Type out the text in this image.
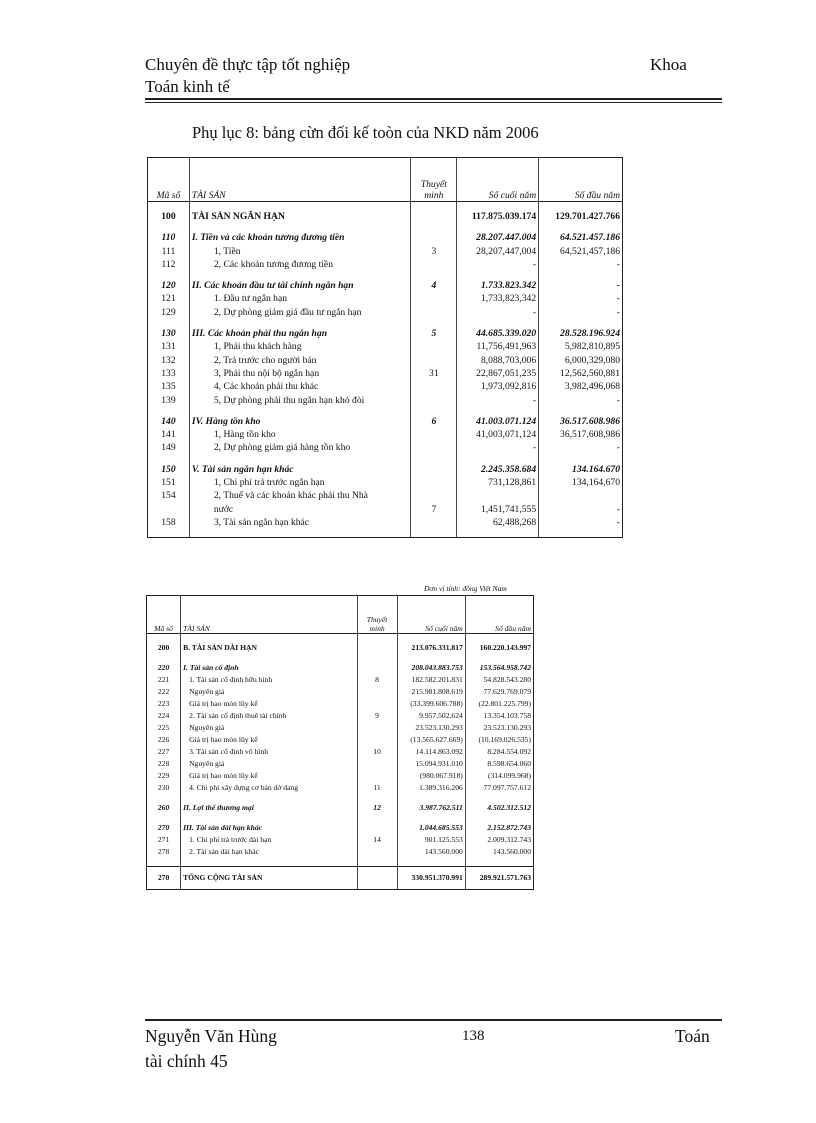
Chuyên đề thực tập tốt nghiệp	Khoa
Toán kinh tế
Phụ lục 8: bảng cừn đối kế toòn của NKD năm 2006
Mã số	TÀI SẢN	Thuyết minh	Số cuối năm	Số đầu năm

100	TÀI SẢN NGẮN HẠN		117.875.039.174	129.701.427.766

110	I. Tiền và các khoản tương đương tiền		28.207.447.004	64.521.457.186
111	1, Tiền	3	28,207,447,004	64,521,457,186
112	2, Các khoản tương đương tiền		-	-

120	II. Các khoản đầu tư tài chính ngắn hạn	4	1.733.823.342	-
121	1. Đầu tư ngắn hạn		1,733,823,342	-
129	2, Dự phòng giảm giá đầu tư ngắn hạn		-	-

130	III. Các khoản phải thu ngắn hạn	5	44.685.339.020	28.528.196.924
131	1, Phải thu khách hàng		11,756,491,963	5,982,810,895
132	2, Trả trước cho người bán		8,088,703,006	6,000,329,080
133	3, Phải thu nội bộ ngắn hạn	31	22,867,051,235	12,562,560,881
135	4, Các khoản phải thu khác		1,973,092,816	3,982,496,068
139	5, Dự phòng phải thu ngắn hạn khó đòi		-	-

140	IV. Hàng tồn kho	6	41.003.071.124	36.517.608.986
141	1, Hàng tồn kho		41,003,071,124	36,517,608,986
149	2, Dự phòng giảm giá hàng tồn kho		-	-

150	V. Tài sản ngắn hạn khác		2.245.358.684	134.164.670
151	1, Chi phí trả trước ngắn hạn		731,128,861	134,164,670
154	2, Thuế và các khoản khác phải thu Nhà			
	nước	7	1,451,741,555	-
158	3, Tài sản ngắn hạn khác		62,488,268	-

Đơn vị tính: đồng Việt Nam
Mã số	TÀI SẢN	Thuyết minh	Số cuối năm	Số đầu năm

200	B. TÀI SẢN DÀI HẠN		213.076.331.817	160.220.143.997

220	I. Tài sản cố định		208.043.883.753	153.564.958.742
221	1. Tài sản cố định hữu hình	8	182.582.201.831	54.828.543.280
222	Nguyên giá		215.981.808.619	77.629.769.079
223	Giá trị hao mòn lũy kế		(33.399.606.788)	(22.801.225.799)
224	2. Tài sản cố định thuê tài chính	9	9.957.502.624	13.354.103.758
225	Nguyên giá		23.523.130.293	23.523.130.293
226	Giá trị hao mòn lũy kế		(13.565.627.669)	(10.169.026.535)
227	3. Tài sản cố định vô hình	10	14.114.863.092	8.284.554.092
228	Nguyên giá		15.094.931.010	8.598.654.060
229	Giá trị hao mòn lũy kế		(980.067.918)	(314.099.968)
230	4. Chi phí xây dựng cơ bản dở dang	11	1.389.316.206	77.097.757.612

260	II. Lợi thế thương mại	12	3.987.762.511	4.502.312.512

270	III. Tài sản dài hạn khác		1.044.685.553	2.152.872.743
271	1. Chi phí trả trước dài hạn	14	901.125.553	2.009.312.743
278	2. Tài sản dài hạn khác		143.560.000	143.560.000

270	TỔNG CỘNG TÀI SẢN		330.951.370.991	289.921.571.763
Nguyễn Văn Hùng	138	Toán
tài chính 45
